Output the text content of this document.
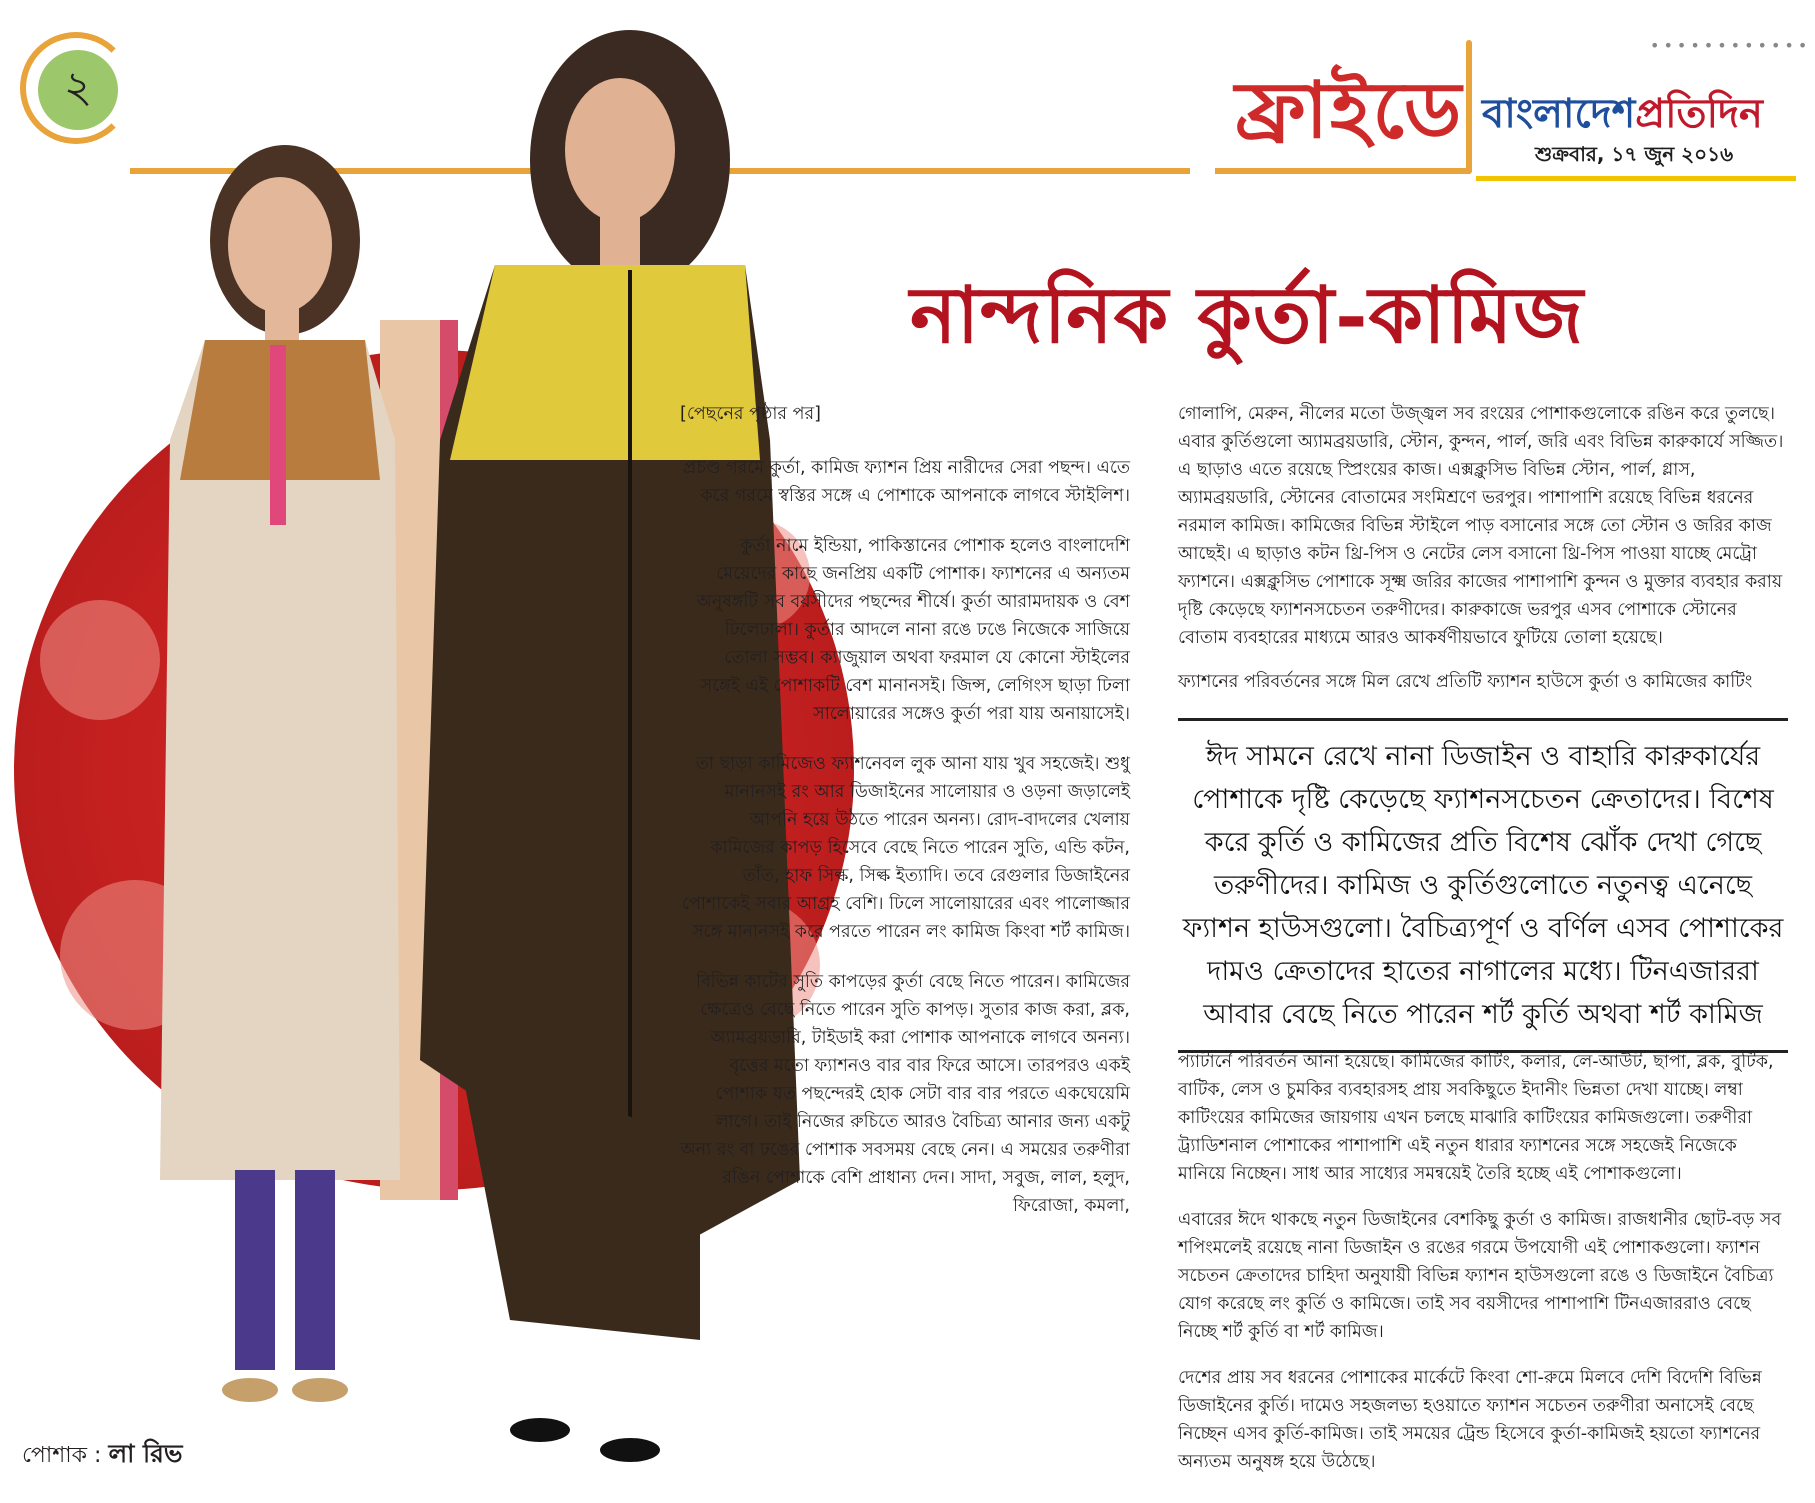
২	ফ্রাইডে
••••••••••••
বাংলাদেশপ্রতিদিন
শুক্রবার, ১৭ জুন ২০১৬
নান্দনিক কুর্তা-কামিজ
পোশাক : লা রিভ

[পেছনের পৃষ্ঠার পর]

প্রচণ্ড গরমে কুর্তা, কামিজ ফ্যাশন প্রিয় নারীদের সেরা পছন্দ। এতে করে গরমে স্বস্তির সঙ্গে এ পোশাকে আপনাকে লাগবে স্টাইলিশ।

কুর্তা নামে ইন্ডিয়া, পাকিস্তানের পোশাক হলেও বাংলাদেশি মেয়েদের কাছে জনপ্রিয় একটি পোশাক। ফ্যাশনের এ অন্যতম অনুষঙ্গটি সব বয়সীদের পছন্দের শীর্ষে। কুর্তা আরামদায়ক ও বেশ ঢিলেঢালা। কুর্তার আদলে নানা রঙে ঢঙে নিজেকে সাজিয়ে তোলা সম্ভব। ক্যাজুয়াল অথবা ফরমাল যে কোনো স্টাইলের সঙ্গেই এই পোশাকটি বেশ মানানসই। জিন্স, লেগিংস ছাড়া ঢিলা সালোয়ারের সঙ্গেও কুর্তা পরা যায় অনায়াসেই।

তা ছাড়া কামিজেও ফ্যাশনেবল লুক আনা যায় খুব সহজেই। শুধু মানানসই রং আর ডিজাইনের সালোয়ার ও ওড়না জড়ালেই আপনি হয়ে উঠতে পারেন অনন্য। রোদ-বাদলের খেলায় কামিজের কাপড় হিসেবে বেছে নিতে পারেন সুতি, এন্ডি কটন, তাঁত, হাফ সিল্ক, সিল্ক ইত্যাদি। তবে রেগুলার ডিজাইনের পোশাকেই সবার আগ্রহ বেশি। ঢিলে সালোয়ারের এবং পালোজ্জার সঙ্গে মানানসই করে পরতে পারেন লং কামিজ কিংবা শর্ট কামিজ।

বিভিন্ন কাটের সুতি কাপড়ের কুর্তা বেছে নিতে পারেন। কামিজের ক্ষেত্রেও বেছে নিতে পারেন সুতি কাপড়। সুতার কাজ করা, ব্লক, অ্যামব্রয়ডারি, টাইডাই করা পোশাক আপনাকে লাগবে অনন্য। বৃত্তের মতো ফ্যাশনও বার বার ফিরে আসে। তারপরও একই পোশাক যত পছন্দেরই হোক সেটা বার বার পরতে একঘেয়েমি লাগে। তাই নিজের রুচিতে আরও বৈচিত্র্য আনার জন্য একটু অন্য রং বা ঢঙের পোশাক সবসময় বেছে নেন। এ সময়ের তরুণীরা রঙিন পোশাকে বেশি প্রাধান্য দেন। সাদা, সবুজ, লাল, হলুদ, ফিরোজা, কমলা,

গোলাপি, মেরুন, নীলের মতো উজ্জ্বল সব রংয়ের পোশাকগুলোকে রঙিন করে তুলছে। এবার কুর্তিগুলো অ্যামব্রয়ডারি, স্টোন, কুন্দন, পার্ল, জরি এবং বিভিন্ন কারুকার্যে সজ্জিত। এ ছাড়াও এতে রয়েছে স্প্রিংয়ের কাজ। এক্সক্লুসিভ বিভিন্ন স্টোন, পার্ল, গ্লাস, অ্যামব্রয়ডারি, স্টোনের বোতামের সংমিশ্রণে ভরপুর। পাশাপাশি রয়েছে বিভিন্ন ধরনের নরমাল কামিজ। কামিজের বিভিন্ন স্টাইলে পাড় বসানোর সঙ্গে তো স্টোন ও জরির কাজ আছেই। এ ছাড়াও কটন থ্রি-পিস ও নেটের লেস বসানো থ্রি-পিস পাওয়া যাচ্ছে মেট্রো ফ্যাশনে। এক্সক্লুসিভ পোশাকে সূক্ষ্ম জরির কাজের পাশাপাশি কুন্দন ও মুক্তার ব্যবহার করায় দৃষ্টি কেড়েছে ফ্যাশনসচেতন তরুণীদের। কারুকাজে ভরপুর এসব পোশাকে স্টোনের বোতাম ব্যবহারের মাধ্যমে আরও আকর্ষণীয়ভাবে ফুটিয়ে তোলা হয়েছে।

ফ্যাশনের পরিবর্তনের সঙ্গে মিল রেখে প্রতিটি ফ্যাশন হাউসে কুর্তা ও কামিজের কাটিং

ঈদ সামনে রেখে নানা ডিজাইন ও বাহারি কারুকার্যের পোশাকে দৃষ্টি কেড়েছে ফ্যাশনসচেতন ক্রেতাদের। বিশেষ করে কুর্তি ও কামিজের প্রতি বিশেষ ঝোঁক দেখা গেছে তরুণীদের। কামিজ ও কুর্তিগুলোতে নতুনত্ব এনেছে ফ্যাশন হাউসগুলো। বৈচিত্র্যপূর্ণ ও বর্ণিল এসব পোশাকের দামও ক্রেতাদের হাতের নাগালের মধ্যে। টিনএজাররা আবার বেছে নিতে পারেন শর্ট কুর্তি অথবা শর্ট কামিজ

প্যাটার্নে পরিবর্তন আনা হয়েছে। কামিজের কাটিং, কলার, লে-আউট, ছাপা, ব্লক, বুটিক, বাটিক, লেস ও চুমকির ব্যবহারসহ প্রায় সবকিছুতে ইদানীং ভিন্নতা দেখা যাচ্ছে। লম্বা কাটিংয়ের কামিজের জায়গায় এখন চলছে মাঝারি কাটিংয়ের কামিজগুলো। তরুণীরা ট্র্যাডিশনাল পোশাকের পাশাপাশি এই নতুন ধারার ফ্যাশনের সঙ্গে সহজেই নিজেকে মানিয়ে নিচ্ছেন। সাধ আর সাধ্যের সমন্বয়েই তৈরি হচ্ছে এই পোশাকগুলো।

এবারের ঈদে থাকছে নতুন ডিজাইনের বেশকিছু কুর্তা ও কামিজ। রাজধানীর ছোট-বড় সব শপিংমলেই রয়েছে নানা ডিজাইন ও রঙের গরমে উপযোগী এই পোশাকগুলো। ফ্যাশন সচেতন ক্রেতাদের চাহিদা অনুযায়ী বিভিন্ন ফ্যাশন হাউসগুলো রঙে ও ডিজাইনে বৈচিত্র্য যোগ করেছে লং কুর্তি ও কামিজে। তাই সব বয়সীদের পাশাপাশি টিনএজাররাও বেছে নিচ্ছে শর্ট কুর্তি বা শর্ট কামিজ।

দেশের প্রায় সব ধরনের পোশাকের মার্কেটে কিংবা শো-রুমে মিলবে দেশি বিদেশি বিভিন্ন ডিজাইনের কুর্তি। দামেও সহজলভ্য হওয়াতে ফ্যাশন সচেতন তরুণীরা অনাসেই বেছে নিচ্ছেন এসব কুর্তি-কামিজ। তাই সময়ের ট্রেন্ড হিসেবে কুর্তা-কামিজই হয়তো ফ্যাশনের অন্যতম অনুষঙ্গ হয়ে উঠেছে।
